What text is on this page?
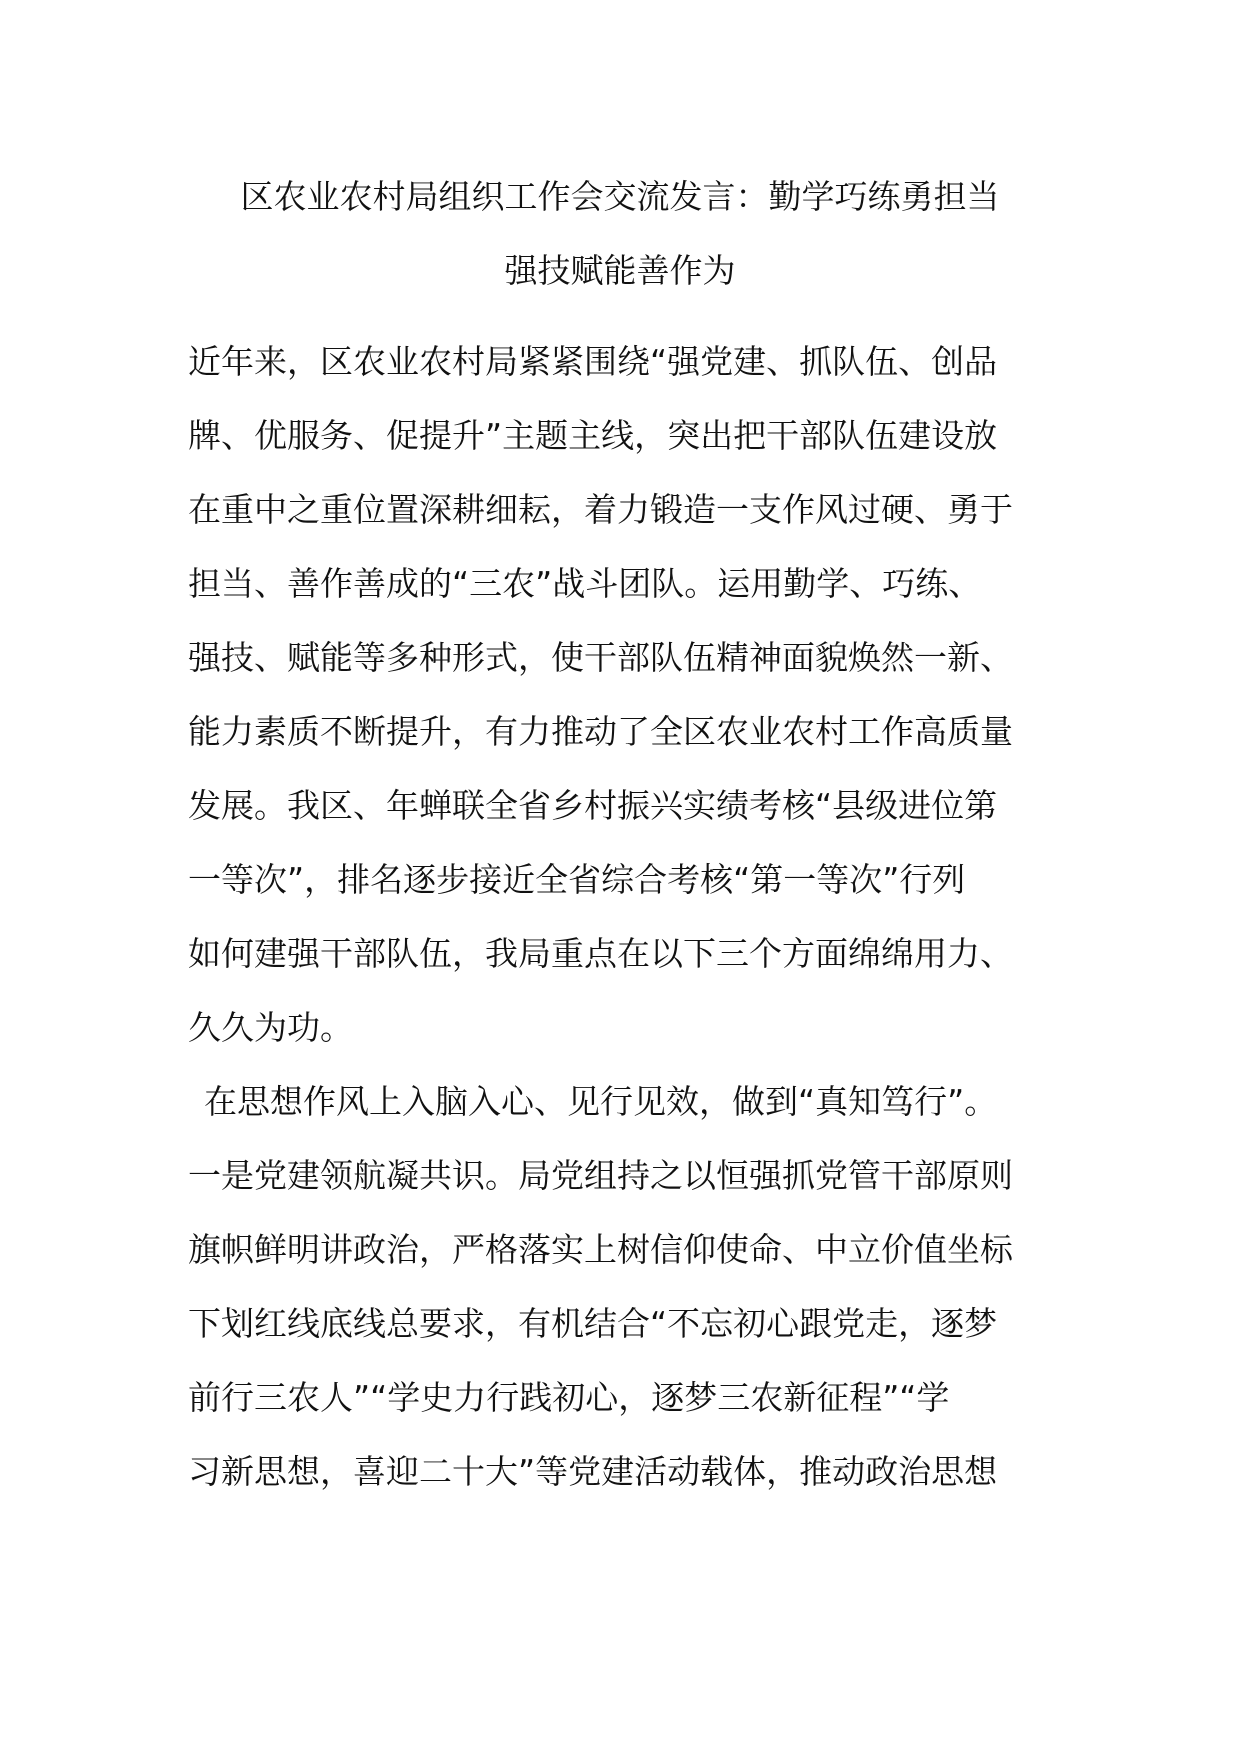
区农业农村局组织工作会交流发言：勤学巧练勇担当
强技赋能善作为
近年来，区农业农村局紧紧围绕“强党建、抓队伍、创品
牌、优服务、促提升”主题主线，突出把干部队伍建设放
在重中之重位置深耕细耘，着力锻造一支作风过硬、勇于
担当、善作善成的“三农”战斗团队。运用勤学、巧练、
强技、赋能等多种形式，使干部队伍精神面貌焕然一新、
能力素质不断提升，有力推动了全区农业农村工作高质量
发展。我区、年蝉联全省乡村振兴实绩考核“县级进位第
一等次”，排名逐步接近全省综合考核“第一等次”行列
如何建强干部队伍，我局重点在以下三个方面绵绵用力、
久久为功。
在思想作风上入脑入心、见行见效，做到“真知笃行”。
一是党建领航凝共识。局党组持之以恒强抓党管干部原则
旗帜鲜明讲政治，严格落实上树信仰使命、中立价值坐标
下划红线底线总要求，有机结合“不忘初心跟党走，逐梦
前行三农人”“学史力行践初心，逐梦三农新征程”“学
习新思想，喜迎二十大”等党建活动载体，推动政治思想
